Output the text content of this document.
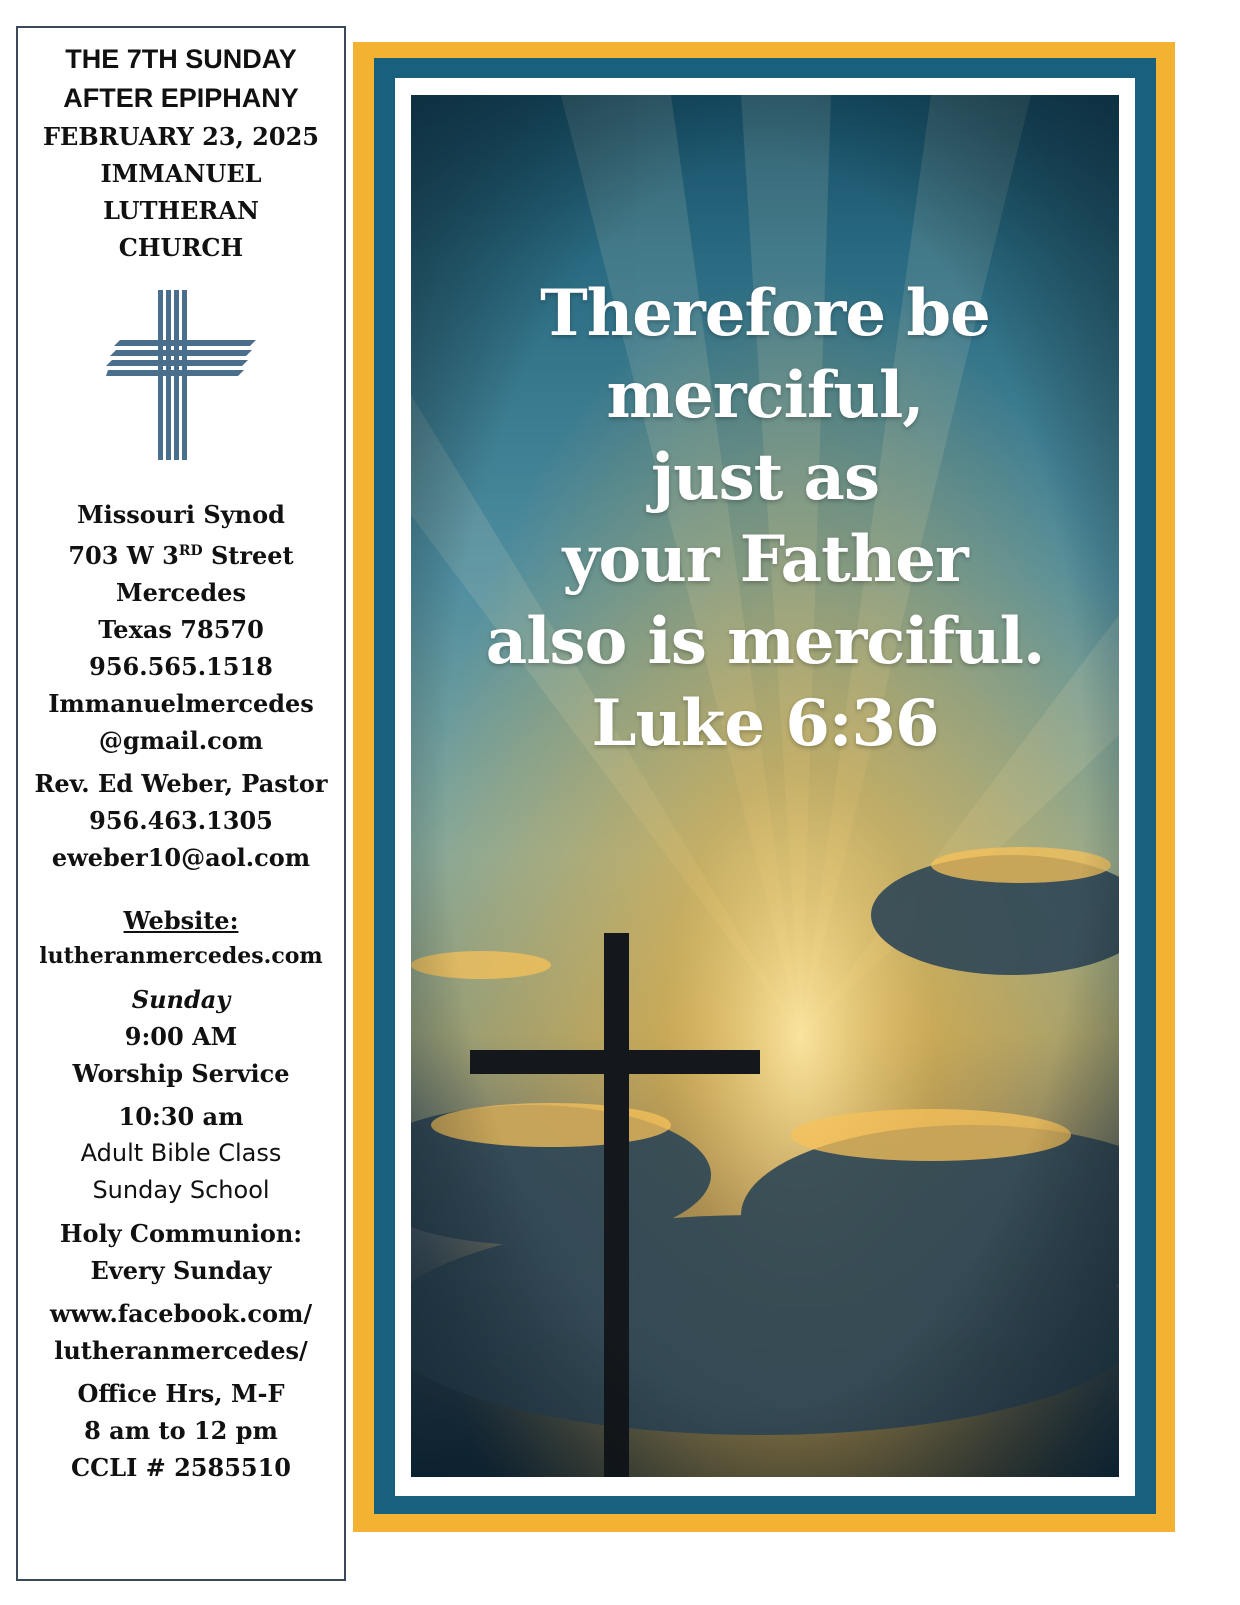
THE 7TH SUNDAY
AFTER EPIPHANY
FEBRUARY 23, 2025
IMMANUEL
LUTHERAN
CHURCH
Missouri Synod
703 W 3RD Street
Mercedes
Texas 78570
956.565.1518
Immanuelmercedes
@gmail.com
Rev. Ed Weber, Pastor
956.463.1305
eweber10@aol.com
Website:
lutheranmercedes.com
Sunday
9:00 AM
Worship Service
10:30 am
Adult Bible Class
Sunday School
Holy Communion:
Every Sunday
www.facebook.com/
lutheranmercedes/
Office Hrs, M-F
8 am to 12 pm
CCLI # 2585510
Therefore be
merciful,
just as
your Father
also is merciful.
Luke 6:36
